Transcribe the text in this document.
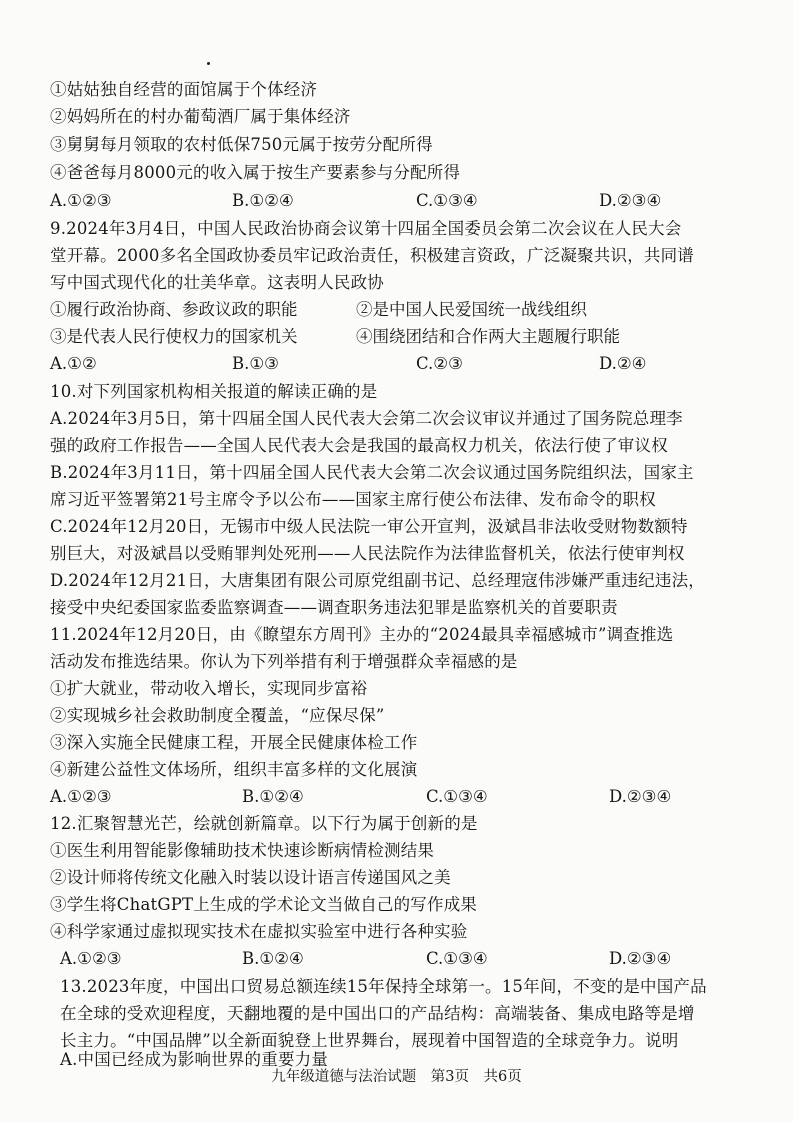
①姑姑独自经营的面馆属于个体经济
②妈妈所在的村办葡萄酒厂属于集体经济
③舅舅每月领取的农村低保750元属于按劳分配所得
④爸爸每月8000元的收入属于按生产要素参与分配所得
A.①②③	B.①②④	C.①③④	D.②③④
9.2024年3月4日，中国人民政治协商会议第十四届全国委员会第二次会议在人民大会
堂开幕。2000多名全国政协委员牢记政治责任，积极建言资政，广泛凝聚共识，共同谱
写中国式现代化的壮美华章。这表明人民政协
①履行政治协商、参政议政的职能	②是中国人民爱国统一战线组织
③是代表人民行使权力的国家机关	④围绕团结和合作两大主题履行职能
A.①②	B.①③	C.②③	D.②④
10.对下列国家机构相关报道的解读正确的是
A.2024年3月5日，第十四届全国人民代表大会第二次会议审议并通过了国务院总理李
强的政府工作报告——全国人民代表大会是我国的最高权力机关，依法行使了审议权
B.2024年3月11日，第十四届全国人民代表大会第二次会议通过国务院组织法，国家主
席习近平签署第21号主席令予以公布——国家主席行使公布法律、发布命令的职权
C.2024年12月20日，无锡市中级人民法院一审公开宣判，汲斌昌非法收受财物数额特
别巨大，对汲斌昌以受贿罪判处死刑——人民法院作为法律监督机关，依法行使审判权
D.2024年12月21日，大唐集团有限公司原党组副书记、总经理寇伟涉嫌严重违纪违法，
接受中央纪委国家监委监察调查——调查职务违法犯罪是监察机关的首要职责
11.2024年12月20日，由《瞭望东方周刊》主办的“2024最具幸福感城市”调查推选
活动发布推选结果。你认为下列举措有利于增强群众幸福感的是
①扩大就业，带动收入增长，实现同步富裕
②实现城乡社会救助制度全覆盖，“应保尽保”
③深入实施全民健康工程，开展全民健康体检工作
④新建公益性文体场所，组织丰富多样的文化展演
A.①②③	B.①②④	C.①③④	D.②③④
12.汇聚智慧光芒，绘就创新篇章。以下行为属于创新的是
①医生利用智能影像辅助技术快速诊断病情检测结果
②设计师将传统文化融入时装以设计语言传递国风之美
③学生将ChatGPT上生成的学术论文当做自己的写作成果
④科学家通过虚拟现实技术在虚拟实验室中进行各种实验
A.①②③	B.①②④	C.①③④	D.②③④
13.2023年度，中国出口贸易总额连续15年保持全球第一。15年间，不变的是中国产品
在全球的受欢迎程度，天翻地覆的是中国出口的产品结构：高端装备、集成电路等是增
长主力。“中国品牌”以全新面貌登上世界舞台，展现着中国智造的全球竞争力。说明
A.中国已经成为影响世界的重要力量
九年级道德与法治试题　第3页　共6页
